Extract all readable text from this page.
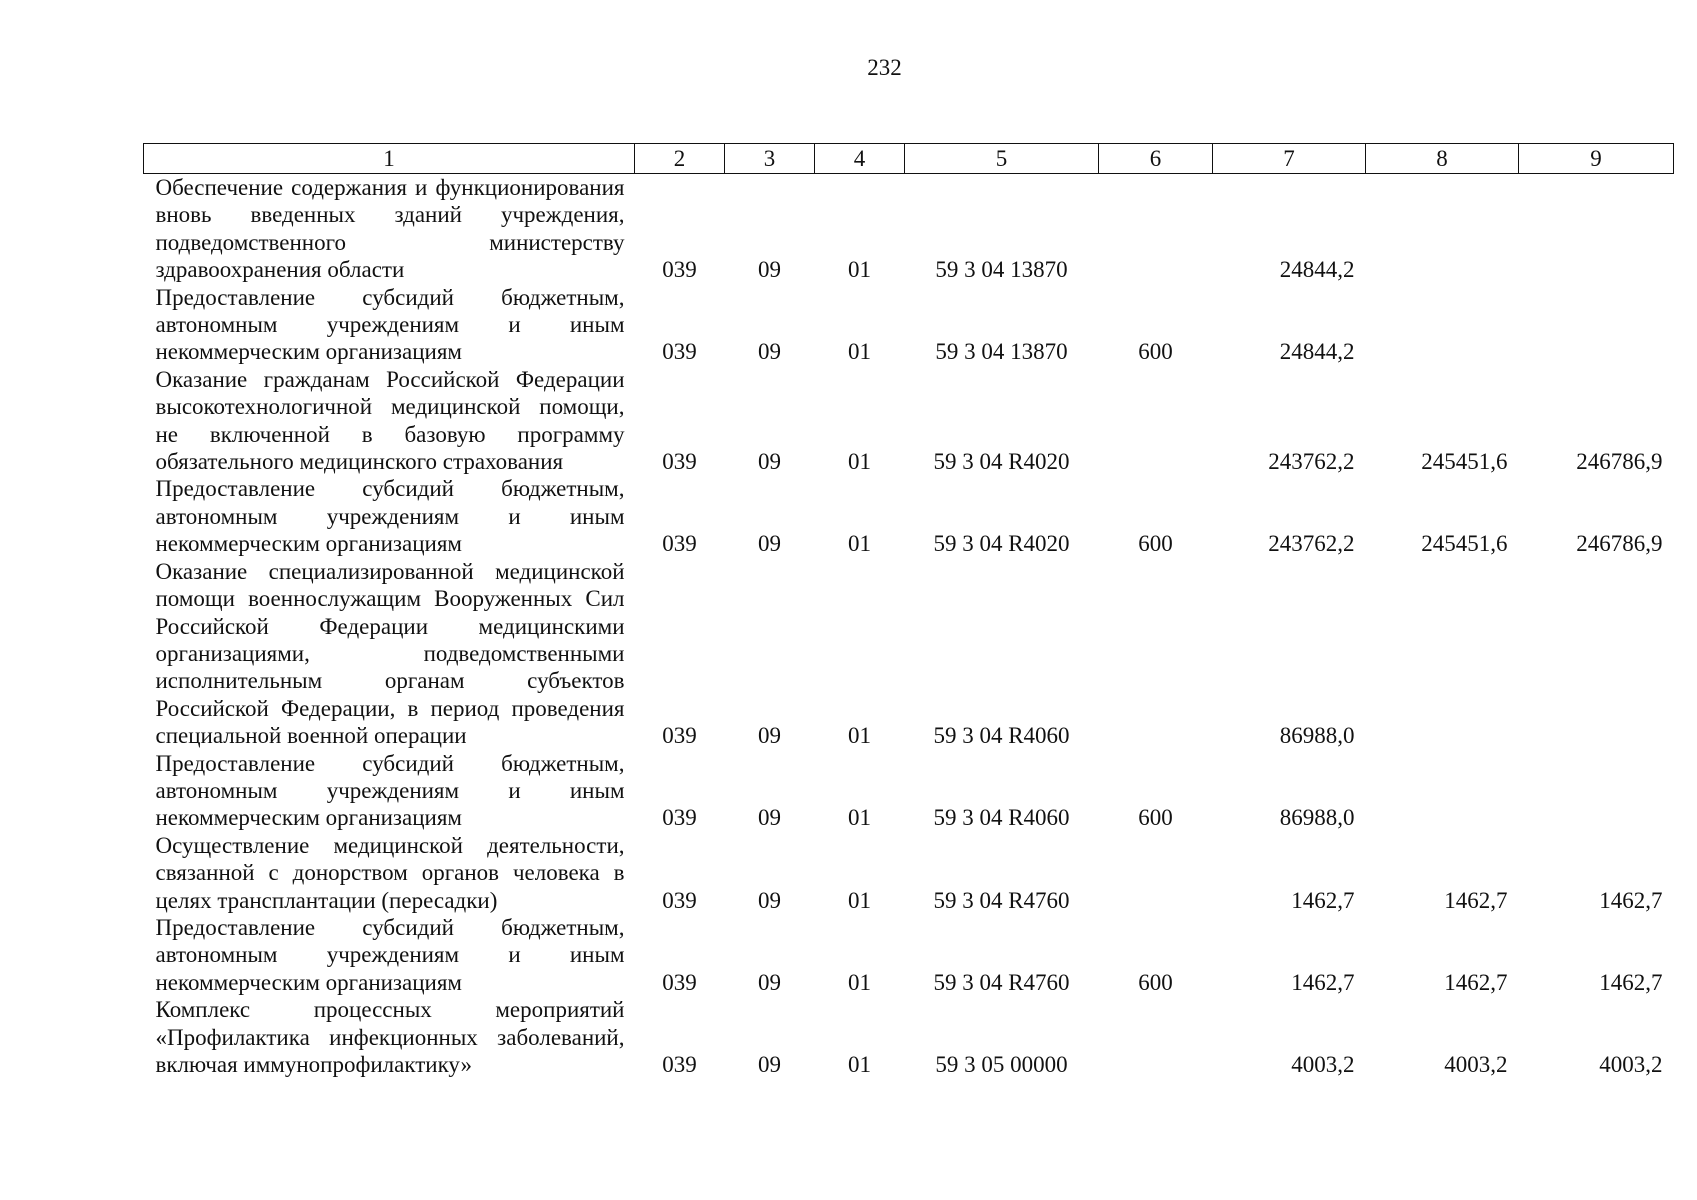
232
1	2	3	4	5	6	7	8	9
Обеспечение содержания и функционирования вновь введенных зданий учреждения, подведомственного министерству здравоохранения области	039	09	01	59 3 04 13870		24844,2		
Предоставление субсидий бюджетным, автономным учреждениям и иным некоммерческим организациям	039	09	01	59 3 04 13870	600	24844,2		
Оказание гражданам Российской Федерации высокотехнологичной медицинской помощи, не включенной в базовую программу обязательного медицинского страхования	039	09	01	59 3 04 R4020		243762,2	245451,6	246786,9
Предоставление субсидий бюджетным, автономным учреждениям и иным некоммерческим организациям	039	09	01	59 3 04 R4020	600	243762,2	245451,6	246786,9
Оказание специализированной медицинской помощи военнослужащим Вооруженных Сил Российской Федерации медицинскими организациями, подведомственными исполнительным органам субъектов Российской Федерации, в период проведения специальной военной операции	039	09	01	59 3 04 R4060		86988,0		
Предоставление субсидий бюджетным, автономным учреждениям и иным некоммерческим организациям	039	09	01	59 3 04 R4060	600	86988,0		
Осуществление медицинской деятельности, связанной с донорством органов человека в целях трансплантации (пересадки)	039	09	01	59 3 04 R4760		1462,7	1462,7	1462,7
Предоставление субсидий бюджетным, автономным учреждениям и иным некоммерческим организациям	039	09	01	59 3 04 R4760	600	1462,7	1462,7	1462,7
Комплекс процессных мероприятий «Профилактика инфекционных заболеваний, включая иммунопрофилактику»	039	09	01	59 3 05 00000		4003,2	4003,2	4003,2
